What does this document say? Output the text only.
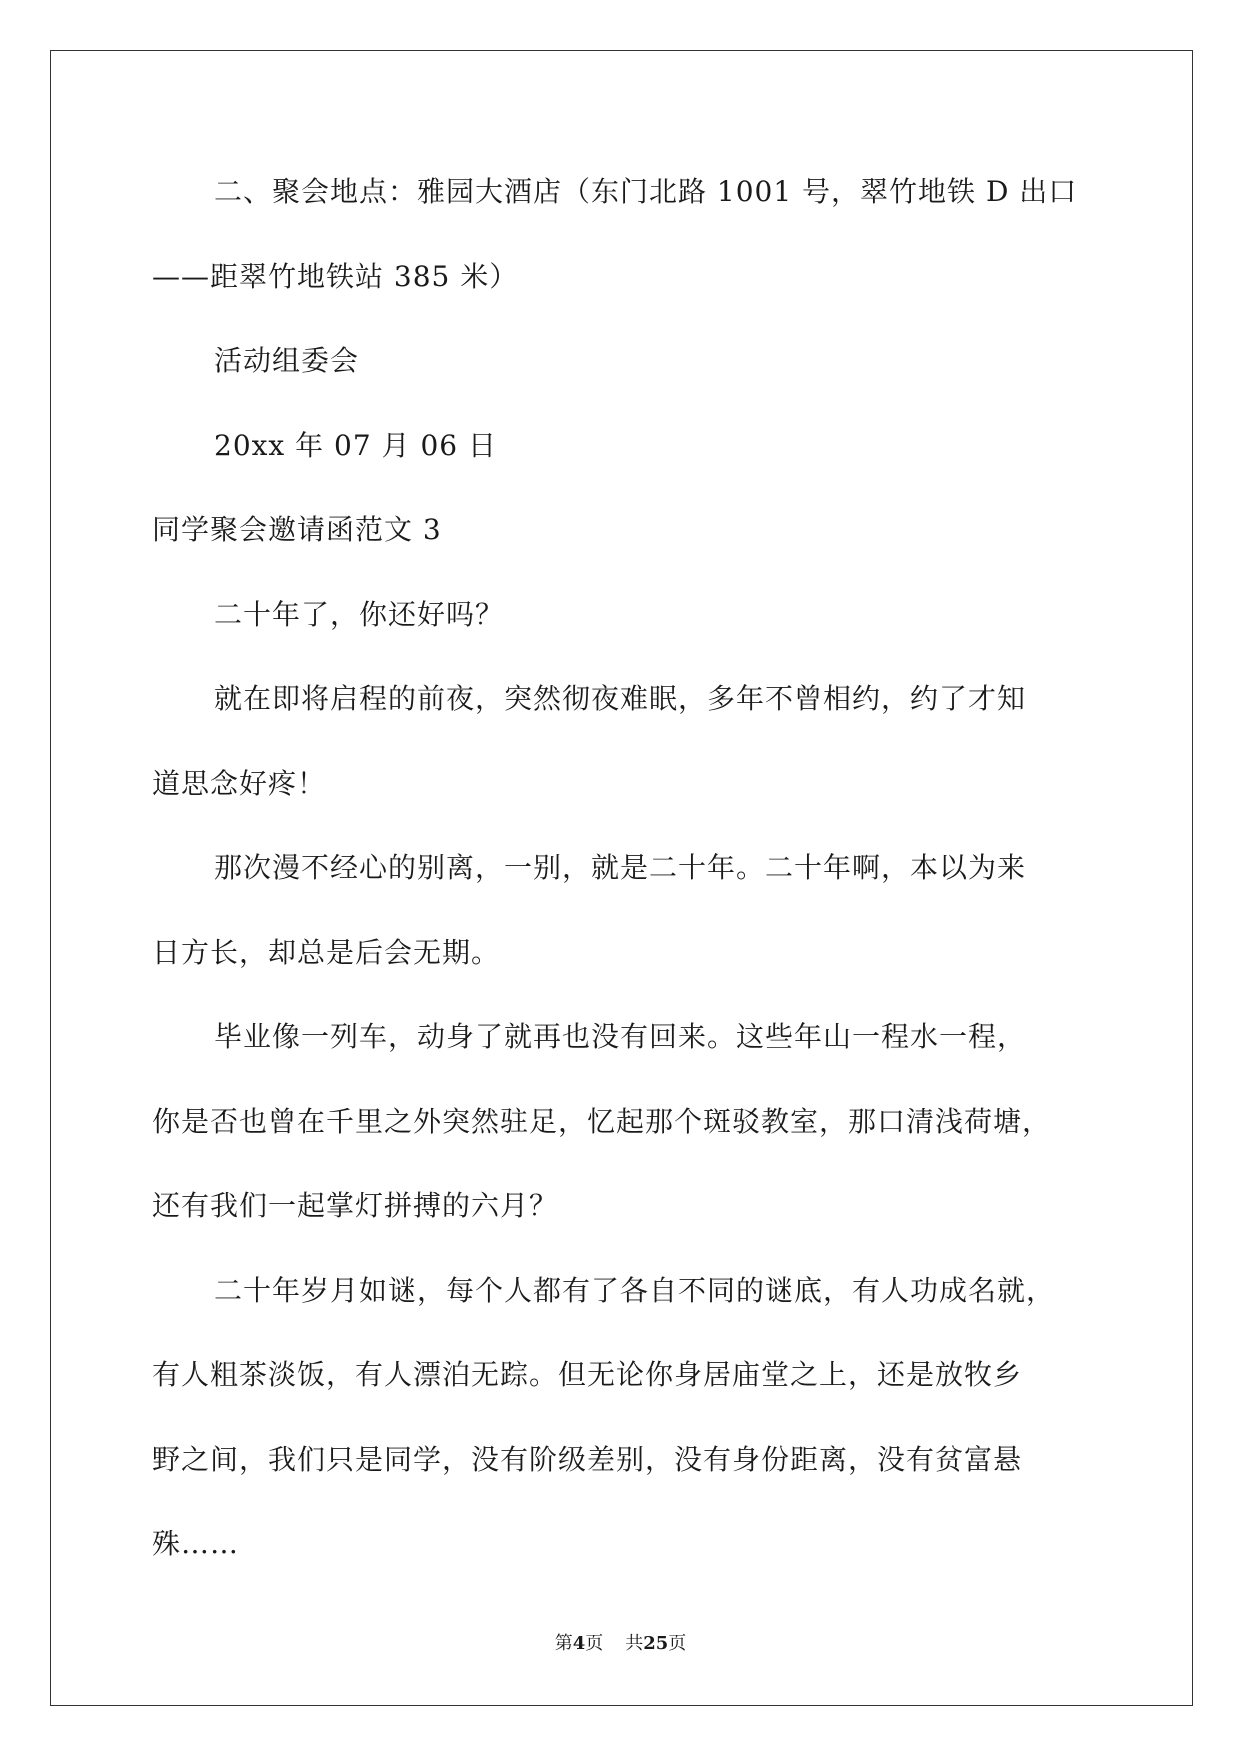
二、聚会地点：雅园大酒店（东门北路 1001 号，翠竹地铁 D 出口
——距翠竹地铁站 385 米）
活动组委会
20xx 年 07 月 06 日
同学聚会邀请函范文 3
二十年了，你还好吗？
就在即将启程的前夜，突然彻夜难眠，多年不曾相约，约了才知
道思念好疼！
那次漫不经心的别离，一别，就是二十年。二十年啊，本以为来
日方长，却总是后会无期。
毕业像一列车，动身了就再也没有回来。这些年山一程水一程，
你是否也曾在千里之外突然驻足，忆起那个斑驳教室，那口清浅荷塘，
还有我们一起掌灯拼搏的六月？
二十年岁月如谜，每个人都有了各自不同的谜底，有人功成名就，
有人粗茶淡饭，有人漂泊无踪。但无论你身居庙堂之上，还是放牧乡
野之间，我们只是同学，没有阶级差别，没有身份距离，没有贫富悬
殊……
第4页 共25页
